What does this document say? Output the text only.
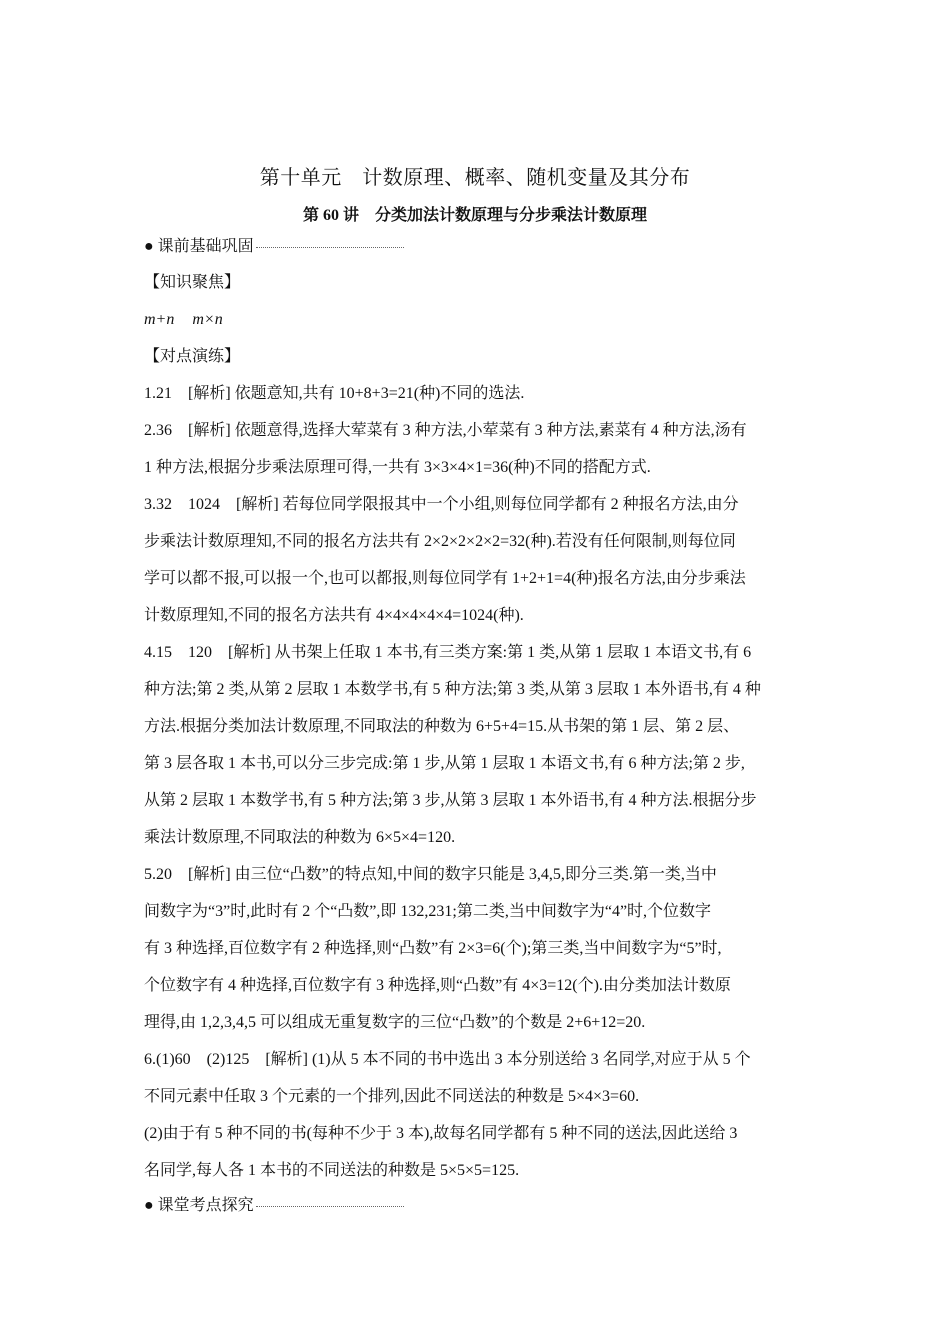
第十单元　计数原理、概率、随机变量及其分布
第 60 讲　分类加法计数原理与分步乘法计数原理
● 课前基础巩固
【知识聚焦】
m+n m×n
【对点演练】
1.21　[解析] 依题意知,共有 10+8+3=21(种)不同的选法.
2.36　[解析] 依题意得,选择大荤菜有 3 种方法,小荤菜有 3 种方法,素菜有 4 种方法,汤有
1 种方法,根据分步乘法原理可得,一共有 3×3×4×1=36(种)不同的搭配方式.
3.32　1024　[解析] 若每位同学限报其中一个小组,则每位同学都有 2 种报名方法,由分
步乘法计数原理知,不同的报名方法共有 2×2×2×2×2=32(种).若没有任何限制,则每位同
学可以都不报,可以报一个,也可以都报,则每位同学有 1+2+1=4(种)报名方法,由分步乘法
计数原理知,不同的报名方法共有 4×4×4×4×4=1024(种).
4.15　120　[解析] 从书架上任取 1 本书,有三类方案:第 1 类,从第 1 层取 1 本语文书,有 6
种方法;第 2 类,从第 2 层取 1 本数学书,有 5 种方法;第 3 类,从第 3 层取 1 本外语书,有 4 种
方法.根据分类加法计数原理,不同取法的种数为 6+5+4=15.从书架的第 1 层、第 2 层、
第 3 层各取 1 本书,可以分三步完成:第 1 步,从第 1 层取 1 本语文书,有 6 种方法;第 2 步,
从第 2 层取 1 本数学书,有 5 种方法;第 3 步,从第 3 层取 1 本外语书,有 4 种方法.根据分步
乘法计数原理,不同取法的种数为 6×5×4=120.
5.20　[解析] 由三位“凸数”的特点知,中间的数字只能是 3,4,5,即分三类.第一类,当中
间数字为“3”时,此时有 2 个“凸数”,即 132,231;第二类,当中间数字为“4”时,个位数字
有 3 种选择,百位数字有 2 种选择,则“凸数”有 2×3=6(个);第三类,当中间数字为“5”时,
个位数字有 4 种选择,百位数字有 3 种选择,则“凸数”有 4×3=12(个).由分类加法计数原
理得,由 1,2,3,4,5 可以组成无重复数字的三位“凸数”的个数是 2+6+12=20.
6.(1)60　(2)125　[解析] (1)从 5 本不同的书中选出 3 本分别送给 3 名同学,对应于从 5 个
不同元素中任取 3 个元素的一个排列,因此不同送法的种数是 5×4×3=60.
(2)由于有 5 种不同的书(每种不少于 3 本),故每名同学都有 5 种不同的送法,因此送给 3
名同学,每人各 1 本书的不同送法的种数是 5×5×5=125.
● 课堂考点探究
